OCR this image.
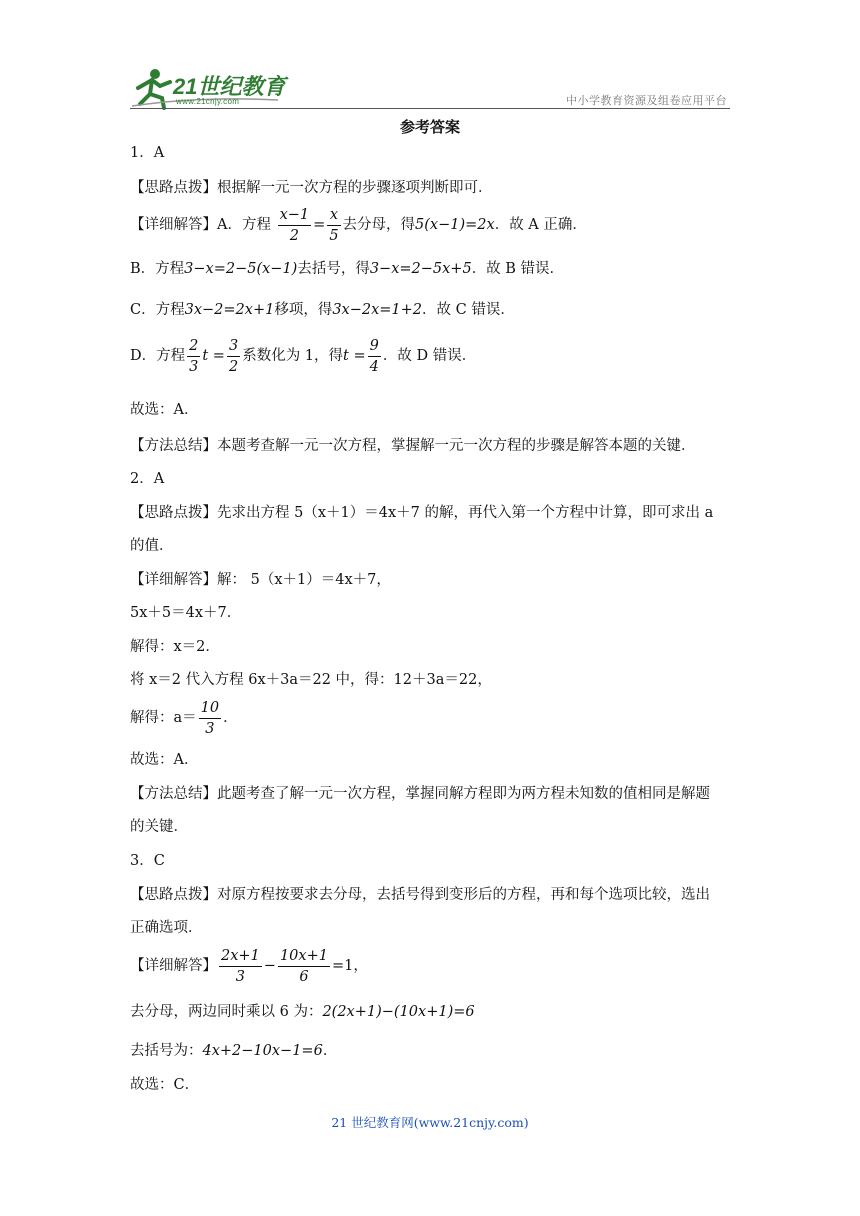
21世纪教育
www.21cnjy.com	中小学教育资源及组卷应用平台
参考答案
1．A
【思路点拨】根据解一元一次方程的步骤逐项判断即可．
【详细解答】A．方程 $\frac{x-1}{2} = \frac{x}{5}$ 去分母，得5(x−1)=2x．故 A 正确．
B．方程3−x=2−5(x−1)去括号，得3−x=2−5x+5．故 B 错误．
C．方程3x−2=2x+1移项，得3x−2x=1+2．故 C 错误．
D．方程 $\frac{2}{3}$ $t = \frac{3}{2}$ 系数化为 1，得$t = \frac{9}{4}$ ．故 D 错误．
故选：A．
【方法总结】本题考查解一元一次方程，掌握解一元一次方程的步骤是解答本题的关键．
2．A
【思路点拨】先求出方程 5（x＋1）＝4x＋7 的解，再代入第一个方程中计算，即可求出 a
的值．
【详细解答】解： 5（x＋1）＝4x＋7，
5x＋5＝4x＋7．
解得：x＝2．
将 x＝2 代入方程 6x＋3a＝22 中，得：12＋3a＝22，
解得：$a= \frac{10}{3}$ ．
故选：A．
【方法总结】此题考查了解一元一次方程，掌握同解方程即为两方程未知数的值相同是解题
的关键．
3．C
【思路点拨】对原方程按要求去分母，去括号得到变形后的方程，再和每个选项比较，选出
正确选项．
【详细解答】 $\frac{2x+1}{3} - \frac{10x+1}{6} =1$，
去分母，两边同时乘以 6 为：2(2x+1)−(10x+1)=6
去括号为：4x+2−10x−1=6．
故选：C．
21 世纪教育网(www.21cnjy.com)
